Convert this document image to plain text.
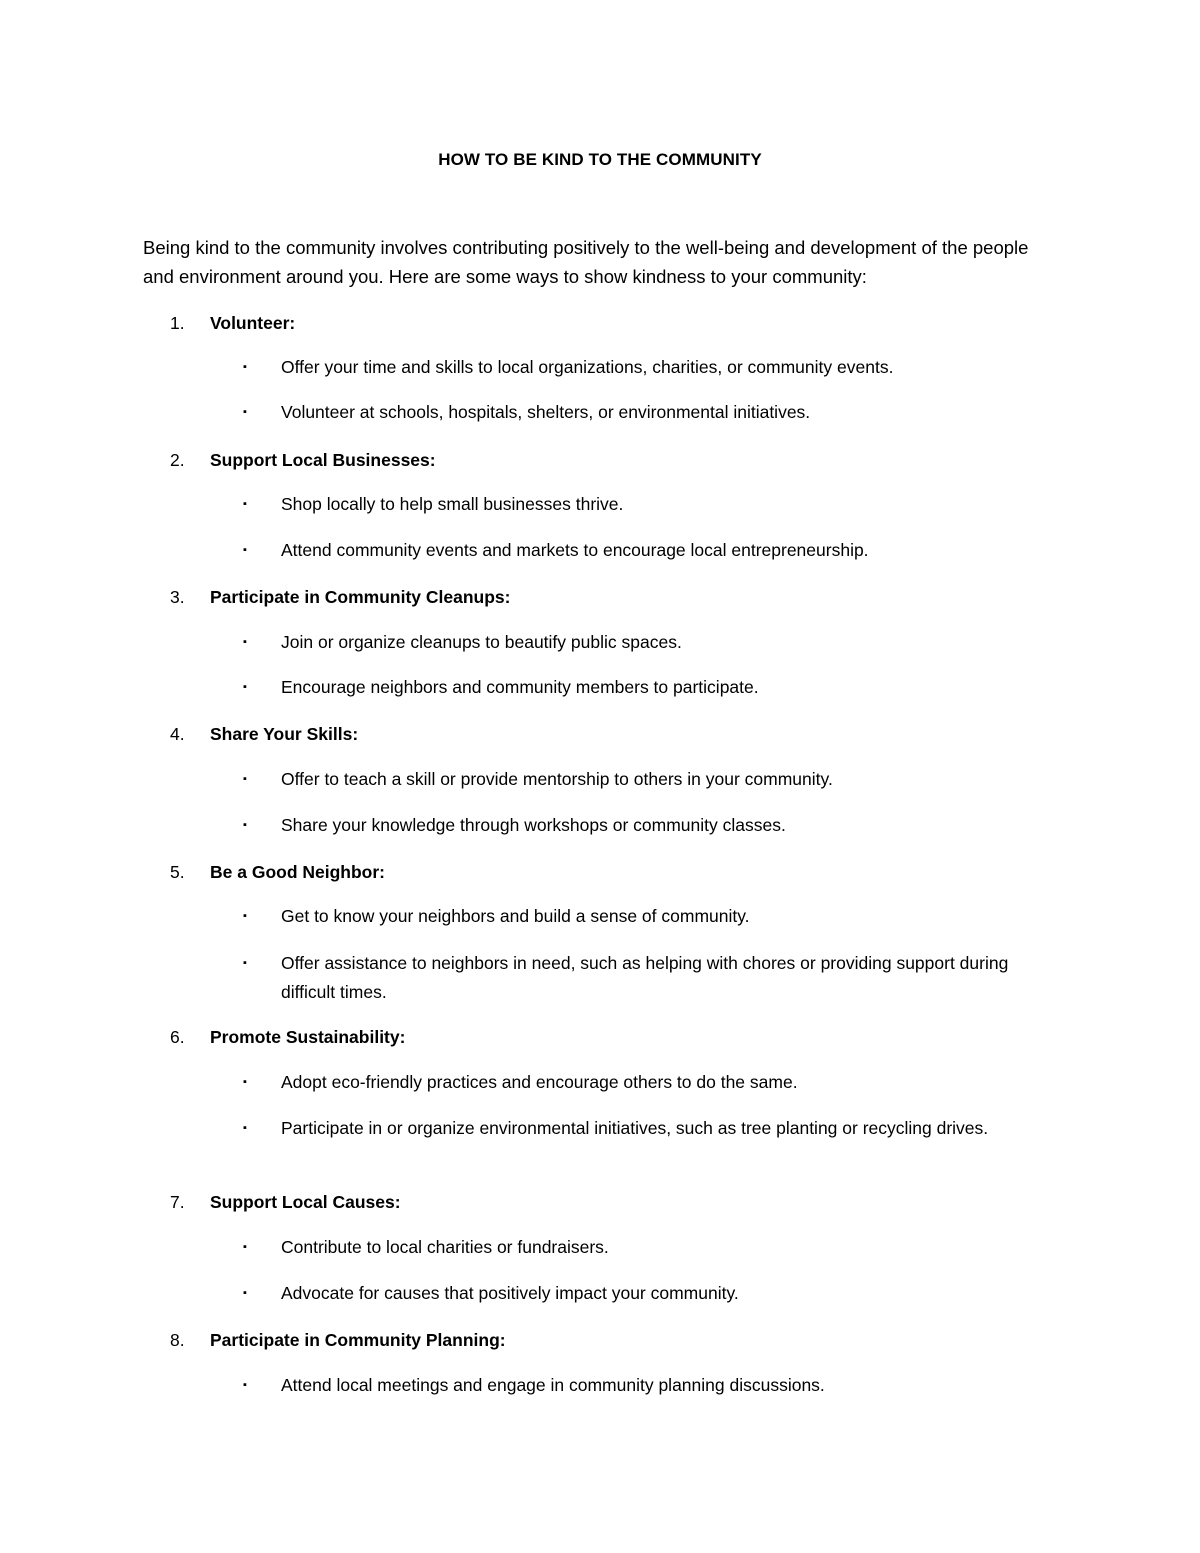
HOW TO BE KIND TO THE COMMUNITY

Being kind to the community involves contributing positively to the well-being and development of the people and environment around you. Here are some ways to show kindness to your community:

1. Volunteer:
▪	Offer your time and skills to local organizations, charities, or community events.
▪	Volunteer at schools, hospitals, shelters, or environmental initiatives.
2. Support Local Businesses:
▪	Shop locally to help small businesses thrive.
▪	Attend community events and markets to encourage local entrepreneurship.
3. Participate in Community Cleanups:
▪	Join or organize cleanups to beautify public spaces.
▪	Encourage neighbors and community members to participate.
4. Share Your Skills:
▪	Offer to teach a skill or provide mentorship to others in your community.
▪	Share your knowledge through workshops or community classes.
5. Be a Good Neighbor:
▪	Get to know your neighbors and build a sense of community.
▪	Offer assistance to neighbors in need, such as helping with chores or providing support during difficult times.
6. Promote Sustainability:
▪	Adopt eco-friendly practices and encourage others to do the same.
▪	Participate in or organize environmental initiatives, such as tree planting or recycling drives.
7. Support Local Causes:
▪	Contribute to local charities or fundraisers.
▪	Advocate for causes that positively impact your community.
8. Participate in Community Planning:
▪	Attend local meetings and engage in community planning discussions.
